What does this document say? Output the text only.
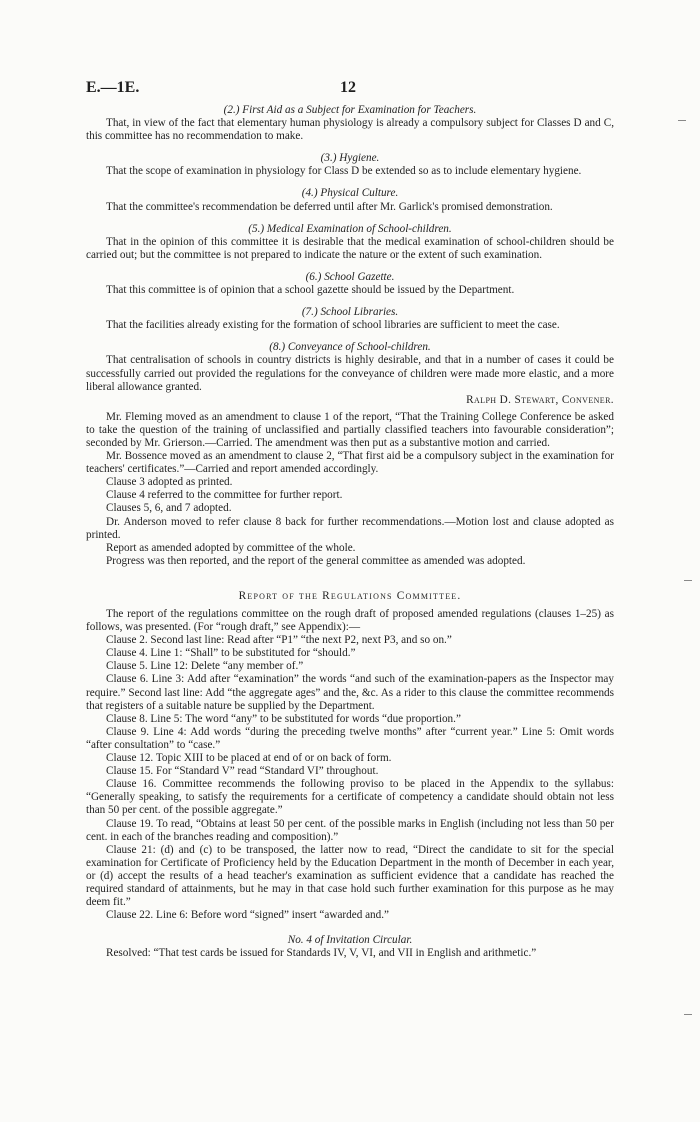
E.—1E.	12

(2.) First Aid as a Subject for Examination for Teachers.

That, in view of the fact that elementary human physiology is already a compulsory subject for Classes D and C, this committee has no recommendation to make.

(3.) Hygiene.

That the scope of examination in physiology for Class D be extended so as to include elementary hygiene.

(4.) Physical Culture.

That the committee's recommendation be deferred until after Mr. Garlick's promised demonstration.

(5.) Medical Examination of School-children.

That in the opinion of this committee it is desirable that the medical examination of school-children should be carried out; but the committee is not prepared to indicate the nature or the extent of such examination.

(6.) School Gazette.

That this committee is of opinion that a school gazette should be issued by the Department.

(7.) School Libraries.

That the facilities already existing for the formation of school libraries are sufficient to meet the case.

(8.) Conveyance of School-children.

That centralisation of schools in country districts is highly desirable, and that in a number of cases it could be successfully carried out provided the regulations for the conveyance of children were made more elastic, and a more liberal allowance granted.

Ralph D. Stewart, Convener.

Mr. Fleming moved as an amendment to clause 1 of the report, “That the Training College Conference be asked to take the question of the training of unclassified and partially classified teachers into favourable consideration”; seconded by Mr. Grierson.—Carried. The amendment was then put as a substantive motion and carried.

Mr. Bossence moved as an amendment to clause 2, “That first aid be a compulsory subject in the examination for teachers' certificates.”—Carried and report amended accordingly.

Clause 3 adopted as printed.

Clause 4 referred to the committee for further report.

Clauses 5, 6, and 7 adopted.

Dr. Anderson moved to refer clause 8 back for further recommendations.—Motion lost and clause adopted as printed.

Report as amended adopted by committee of the whole.

Progress was then reported, and the report of the general committee as amended was adopted.

Report of the Regulations Committee.

The report of the regulations committee on the rough draft of proposed amended regulations (clauses 1–25) as follows, was presented. (For “rough draft,” see Appendix):—

Clause 2. Second last line: Read after “P1” “the next P2, next P3, and so on.”

Clause 4. Line 1: “Shall” to be substituted for “should.”

Clause 5. Line 12: Delete “any member of.”

Clause 6. Line 3: Add after “examination” the words “and such of the examination-papers as the Inspector may require.” Second last line: Add “the aggregate ages” and the, &c. As a rider to this clause the committee recommends that registers of a suitable nature be supplied by the Department.

Clause 8. Line 5: The word “any” to be substituted for words “due proportion.”

Clause 9. Line 4: Add words “during the preceding twelve months” after “current year.” Line 5: Omit words “after consultation” to “case.”

Clause 12. Topic XIII to be placed at end of or on back of form.

Clause 15. For “Standard V” read “Standard VI” throughout.

Clause 16. Committee recommends the following proviso to be placed in the Appendix to the syllabus: “Generally speaking, to satisfy the requirements for a certificate of competency a candidate should obtain not less than 50 per cent. of the possible aggregate.”

Clause 19. To read, “Obtains at least 50 per cent. of the possible marks in English (including not less than 50 per cent. in each of the branches reading and composition).”

Clause 21: (d) and (c) to be transposed, the latter now to read, “Direct the candidate to sit for the special examination for Certificate of Proficiency held by the Education Department in the month of December in each year, or (d) accept the results of a head teacher's examination as sufficient evidence that a candidate has reached the required standard of attainments, but he may in that case hold such further examination for this purpose as he may deem fit.”

Clause 22. Line 6: Before word “signed” insert “awarded and.”

No. 4 of Invitation Circular.

Resolved: “That test cards be issued for Standards IV, V, VI, and VII in English and arithmetic.”
